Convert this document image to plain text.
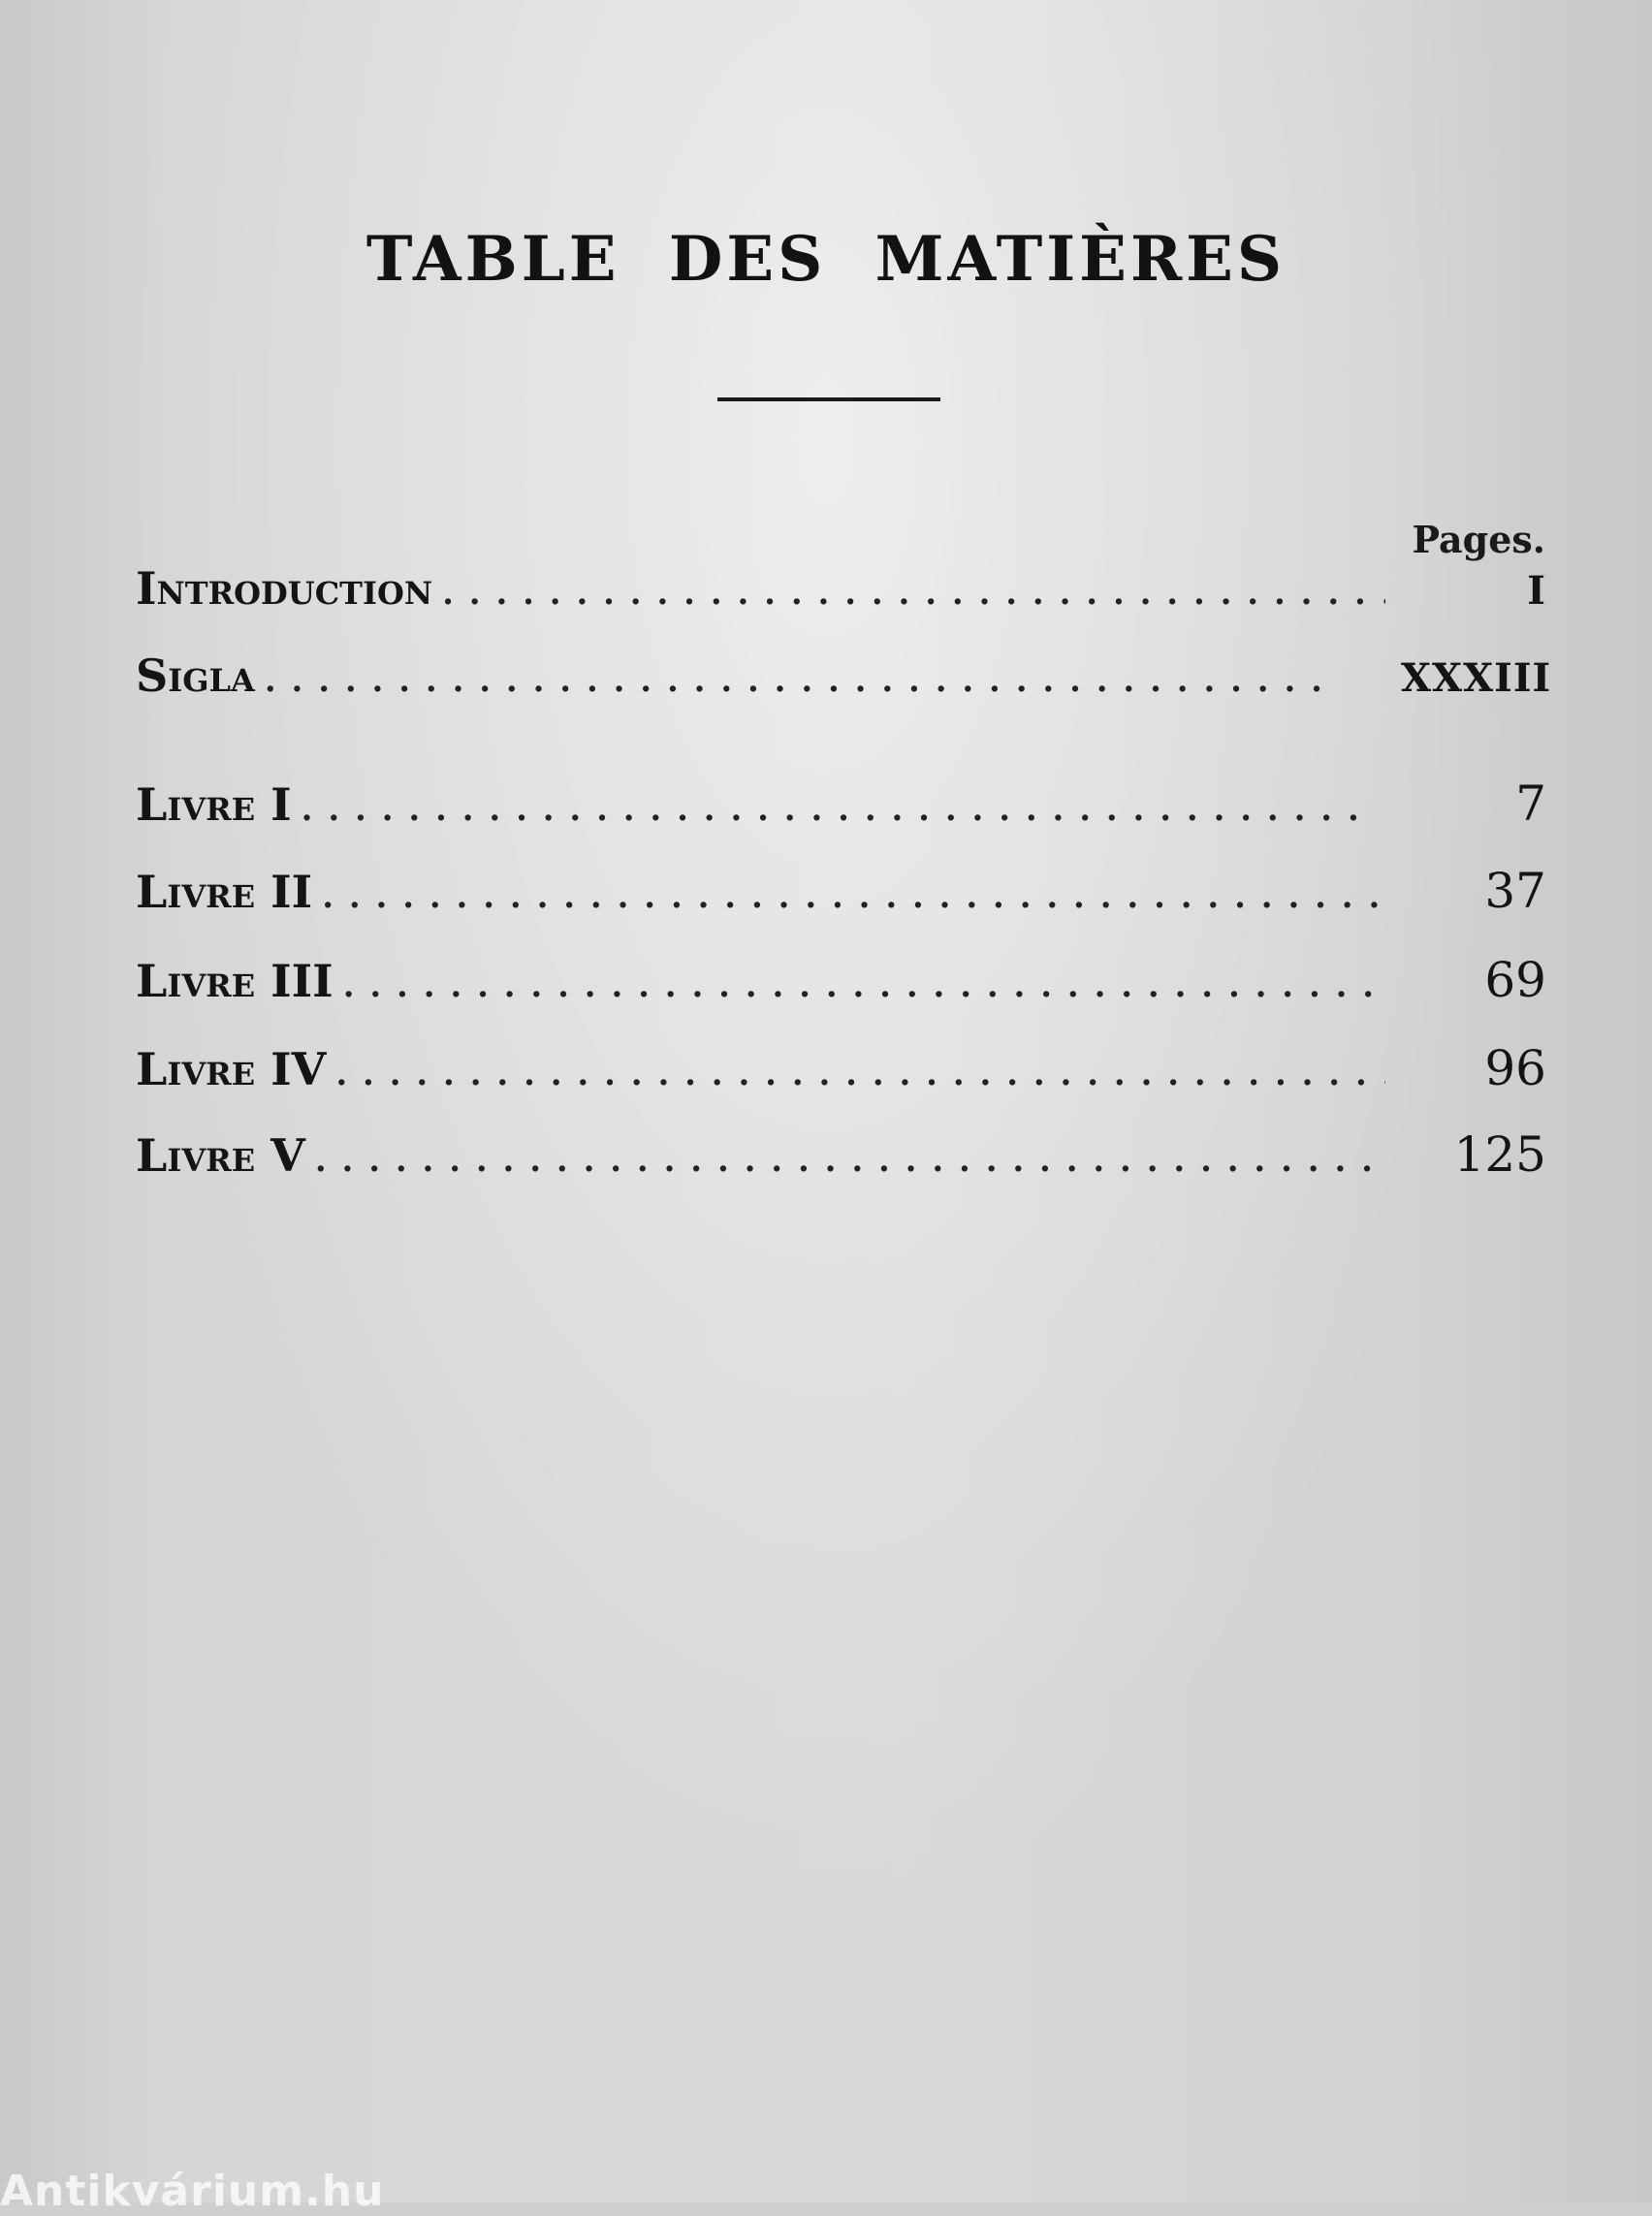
TABLE DES MATIÈRES
Pages.
Introduction . . .	I
Sigla . . .	XXXIII
Livre I . . .	7
Livre II . . .	37
Livre III . . .	69
Livre IV . . .	96
Livre V . . .	125
Antikvárium.hu
